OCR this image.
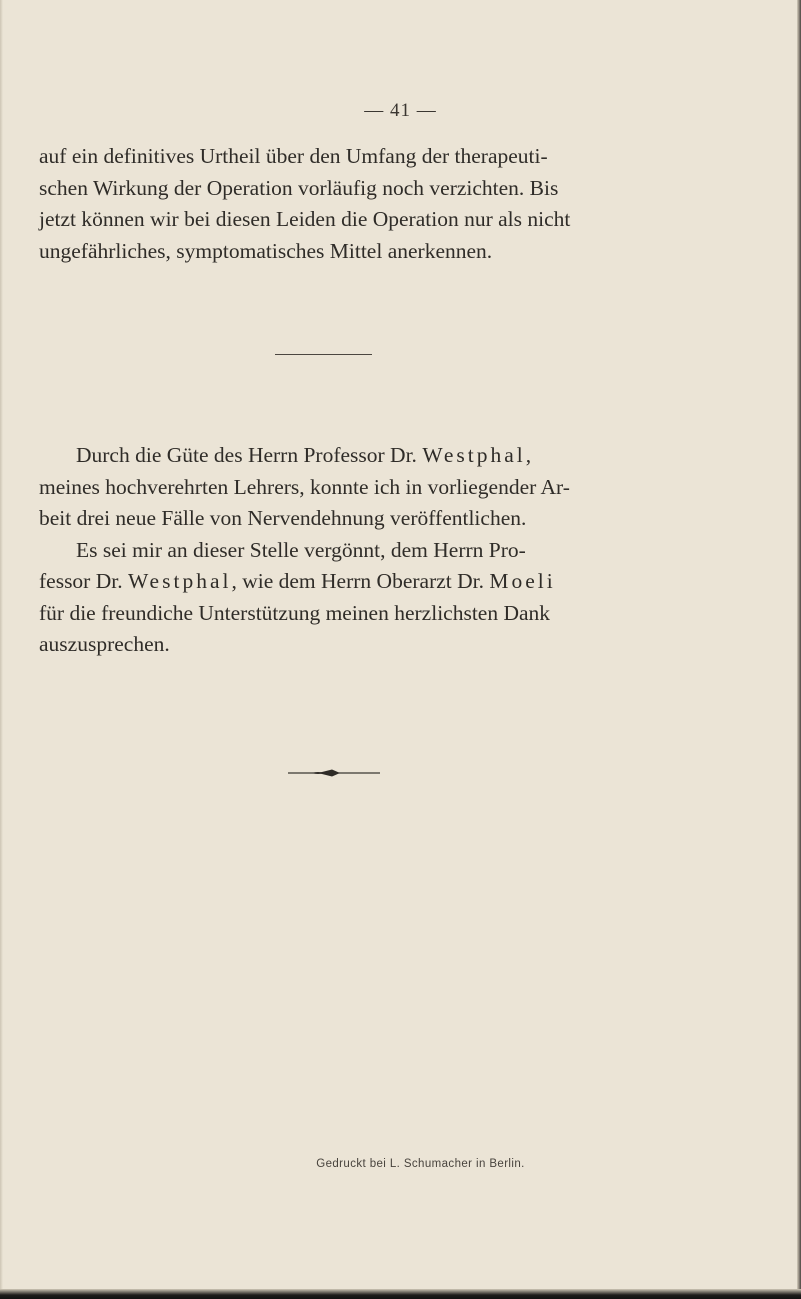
— 41 —
auf ein definitives Urtheil über den Umfang der therapeuti-
schen Wirkung der Operation vorläufig noch verzichten. Bis
jetzt können wir bei diesen Leiden die Operation nur als nicht
ungefährliches, symptomatisches Mittel anerkennen.
Durch die Güte des Herrn Professor Dr. Westphal,
meines hochverehrten Lehrers, konnte ich in vorliegender Ar-
beit drei neue Fälle von Nervendehnung veröffentlichen.
Es sei mir an dieser Stelle vergönnt, dem Herrn Pro-
fessor Dr. Westphal, wie dem Herrn Oberarzt Dr. Moeli
für die freundiche Unterstützung meinen herzlichsten Dank
auszusprechen.
Gedruckt bei L. Schumacher in Berlin.
